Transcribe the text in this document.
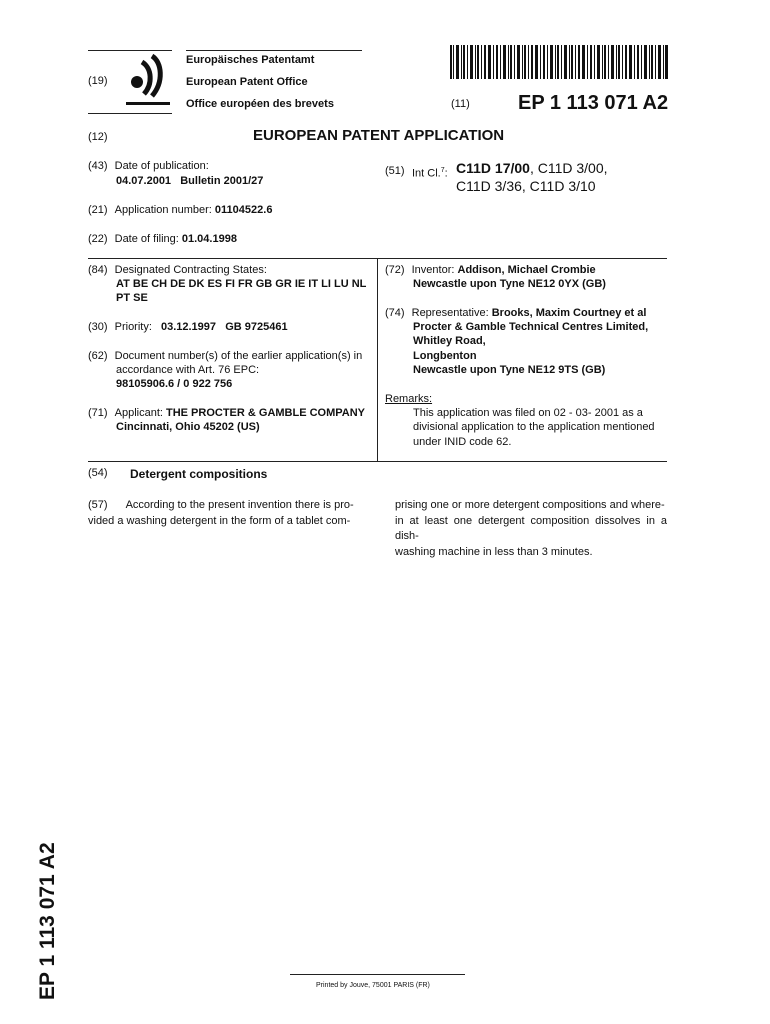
(19)
Europäisches Patentamt
European Patent Office
Office européen des brevets	(11) EP 1 113 071 A2
(12)	EUROPEAN PATENT APPLICATION
(43) Date of publication:
04.07.2001   Bulletin 2001/27
(51) Int Cl.$^7$: C11D 17/00, C11D 3/00,
C11D 3/36, C11D 3/10
(21) Application number: 01104522.6
(22) Date of filing: 01.04.1998
(84) Designated Contracting States:
AT BE CH DE DK ES FI FR GB GR IE IT LI LU NL
PT SE
(30) Priority: 03.12.1997   GB 9725461
(62) Document number(s) of the earlier application(s) in
accordance with Art. 76 EPC:
98105906.6 / 0 922 756
(71) Applicant: THE PROCTER & GAMBLE COMPANY
Cincinnati, Ohio 45202 (US)
(72) Inventor: Addison, Michael Crombie
Newcastle upon Tyne NE12 0YX (GB)
(74) Representative: Brooks, Maxim Courtney et al
Procter & Gamble Technical Centres Limited,
Whitley Road,
Longbenton
Newcastle upon Tyne NE12 9TS (GB)
Remarks:
This application was filed on 02 - 03- 2001 as a
divisional application to the application mentioned
under INID code 62.
(54) Detergent compositions
(57) According to the present invention there is pro-
vided a washing detergent in the form of a tablet com-
prising one or more detergent compositions and where-
in at least one detergent composition dissolves in a dish-
washing machine in less than 3 minutes.
EP 1 113 071 A2	Printed by Jouve, 75001 PARIS (FR)
